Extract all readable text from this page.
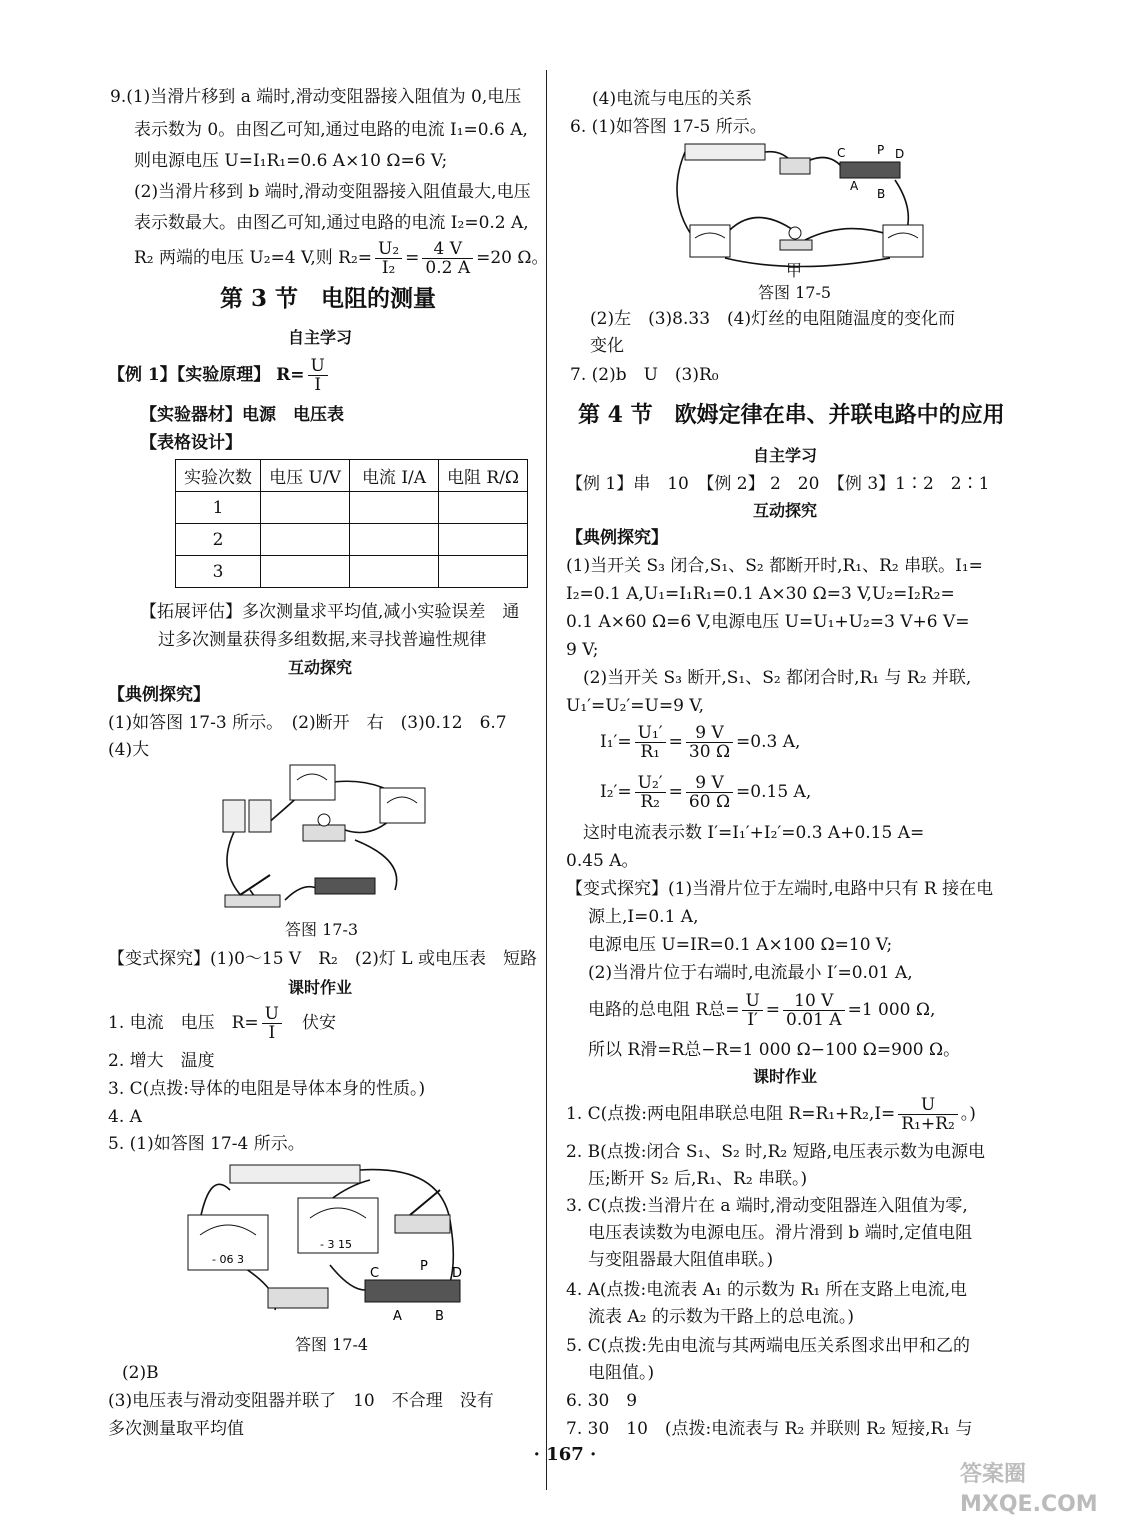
9.(1)当滑片移到 a 端时,滑动变阻器接入阻值为 0,电压
表示数为 0。由图乙可知,通过电路的电流 I₁=0.6 A,
则电源电压 U=I₁R₁=0.6 A×10 Ω=6 V;
(2)当滑片移到 b 端时,滑动变阻器接入阻值最大,电压
表示数最大。由图乙可知,通过电路的电流 I₂=0.2 A,
R₂ 两端的电压 U₂=4 V,则 $R_2= \frac{\text{U₂}}{\text{I₂}} = \frac{4 V}{0.2 A} =20$ Ω。
第 3 节　电阻的测量
自主学习
【例 1】【实验原理】 $R= \frac{U}{I}$
【实验器材】电源　电压表
【表格设计】
实验次数	电压 U/V	电流 I/A	电阻 R/Ω
1			
2			
3			
【拓展评估】多次测量求平均值,减小实验误差　通
过多次测量获得多组数据,来寻找普遍性规律
互动探究
【典例探究】
(1)如答图 17-3 所示。　(2)断开　右　(3)0.12　6.7
(4)大
答图 17-3
【变式探究】(1)0～15 V　R₂　(2)灯 L 或电压表　短路
课时作业
1. 电流　电压　$R= \frac{U}{I}$
　 伏安
2. 增大　温度
3. C(点拨:导体的电阻是导体本身的性质。)
4. A
5. (1)如答图 17-4 所示。
- 06 3
- 3 15
C	P D
A	B
答图 17-4
(2)B
(3)电压表与滑动变阻器并联了　10　不合理　没有
多次测量取平均值
(4)电流与电压的关系
6. (1)如答图 17-5 所示。
C	P D
A
B
甲
答图 17-5
(2)左　(3)8.33　(4)灯丝的电阻随温度的变化而
变化
7. (2)b　U　(3)R₀
第 4 节　欧姆定律在串、并联电路中的应用
自主学习
【例 1】串　10　【例 2】 2　20　【例 3】1∶2　2∶1
互动探究
【典例探究】
(1)当开关 S₃ 闭合,S₁、S₂ 都断开时,R₁、R₂ 串联。I₁=
I₂=0.1 A,U₁=I₁R₁=0.1 A×30 Ω=3 V,U₂=I₂R₂=
0.1 A×60 Ω=6 V,电源电压 U=U₁+U₂=3 V+6 V=
9 V;
　(2)当开关 S₃ 断开,S₁、S₂ 都闭合时,R₁ 与 R₂ 并联,
U₁′=U₂′=U=9 V,
$I_1'= \frac{\text{U₁′}}{\text{R₁}} = \frac{9 V}{30 \Omega} =0.3$ A,
$I_2'= \frac{\text{U₂′}}{\text{R₂}} = \frac{9 V}{60 \Omega} =0.15$ A,
　这时电流表示数 I′=I₁′+I₂′=0.3 A+0.15 A=
0.45 A。
【变式探究】(1)当滑片位于左端时,电路中只有 R 接在电
源上,I=0.1 A,
电源电压 U=IR=0.1 A×100 Ω=10 V;
(2)当滑片位于右端时,电流最小 I′=0.01 A,
电路的总电阻 R总= $\frac{U}{I'} = \frac{10 V}{0.01 A} =1$ 000 Ω,
所以 R滑=R总−R=1 000 Ω−100 Ω=900 Ω。
课时作业
1. C(点拨:两电阻串联总电阻 $R=R_1+R_2,I= \frac{U}{\text{R₁+R₂}}$ 。)
2. B(点拨:闭合 S₁、S₂ 时,R₂ 短路,电压表示数为电源电
压;断开 S₂ 后,R₁、R₂ 串联。)
3. C(点拨:当滑片在 a 端时,滑动变阻器连入阻值为零,
电压表读数为电源电压。滑片滑到 b 端时,定值电阻
与变阻器最大阻值串联。)
4. A(点拨:电流表 A₁ 的示数为 R₁ 所在支路上电流,电
流表 A₂ 的示数为干路上的总电流。)
5. C(点拨:先由电流与其两端电压关系图求出甲和乙的
电阻值。)
6. 30　9
7. 30　10　(点拨:电流表与 R₂ 并联则 R₂ 短接,R₁ 与
· 167 ·
答案圈 MXQE.COM
